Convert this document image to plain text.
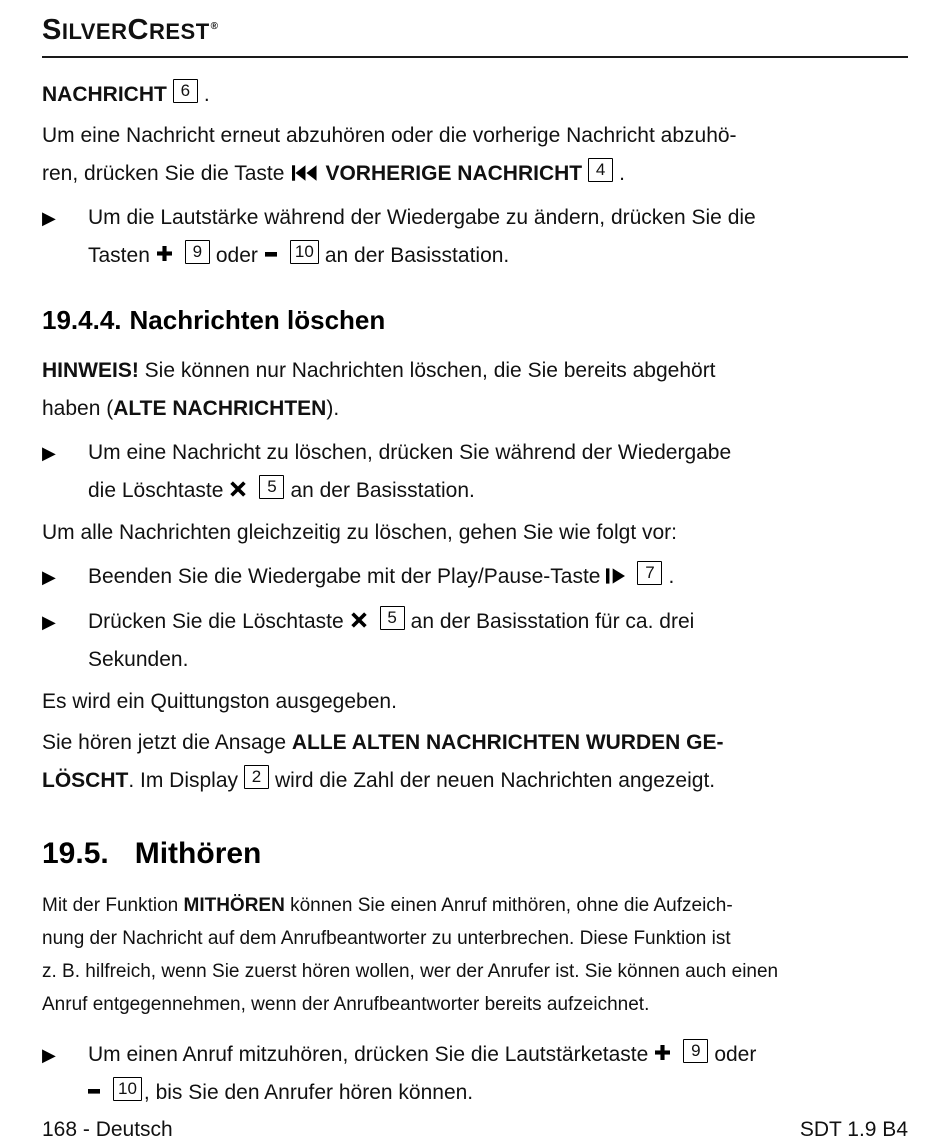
SILVERCREST®
NACHRICHT 6 .
Um eine Nachricht erneut abzuhören oder die vorherige Nachricht abzuhö-
ren, drücken Sie die Taste VORHERIGE NACHRICHT 4 .
▶	Um die Lautstärke während der Wiedergabe zu ändern, drücken Sie die
Tasten	9 oder 10 an der Basisstation.
19.4.4. Nachrichten löschen
HINWEIS! Sie können nur Nachrichten löschen, die Sie bereits abgehört
haben (ALTE NACHRICHTEN).
▶	Um eine Nachricht zu löschen, drücken Sie während der Wiedergabe
die Löschtaste	5 an der Basisstation.
Um alle Nachrichten gleichzeitig zu löschen, gehen Sie wie folgt vor:
▶	Beenden Sie die Wiedergabe mit der Play/Pause-Taste	7 .
▶	Drücken Sie die Löschtaste	5 an der Basisstation für ca. drei
Sekunden.
Es wird ein Quittungston ausgegeben.
Sie hören jetzt die Ansage ALLE ALTEN NACHRICHTEN WURDEN GE-
LÖSCHT. Im Display 2 wird die Zahl der neuen Nachrichten angezeigt.
19.5. Mithören
Mit der Funktion MITHÖREN können Sie einen Anruf mithören, ohne die Aufzeich-
nung der Nachricht auf dem Anrufbeantworter zu unterbrechen. Diese Funktion ist
z. B. hilfreich, wenn Sie zuerst hören wollen, wer der Anrufer ist. Sie können auch einen
Anruf entgegennehmen, wenn der Anrufbeantworter bereits aufzeichnet.
▶	Um einen Anruf mitzuhören, drücken Sie die Lautstärketaste	9 oder
10 , bis Sie den Anrufer hören können.
168 - Deutsch	SDT 1.9 B4
